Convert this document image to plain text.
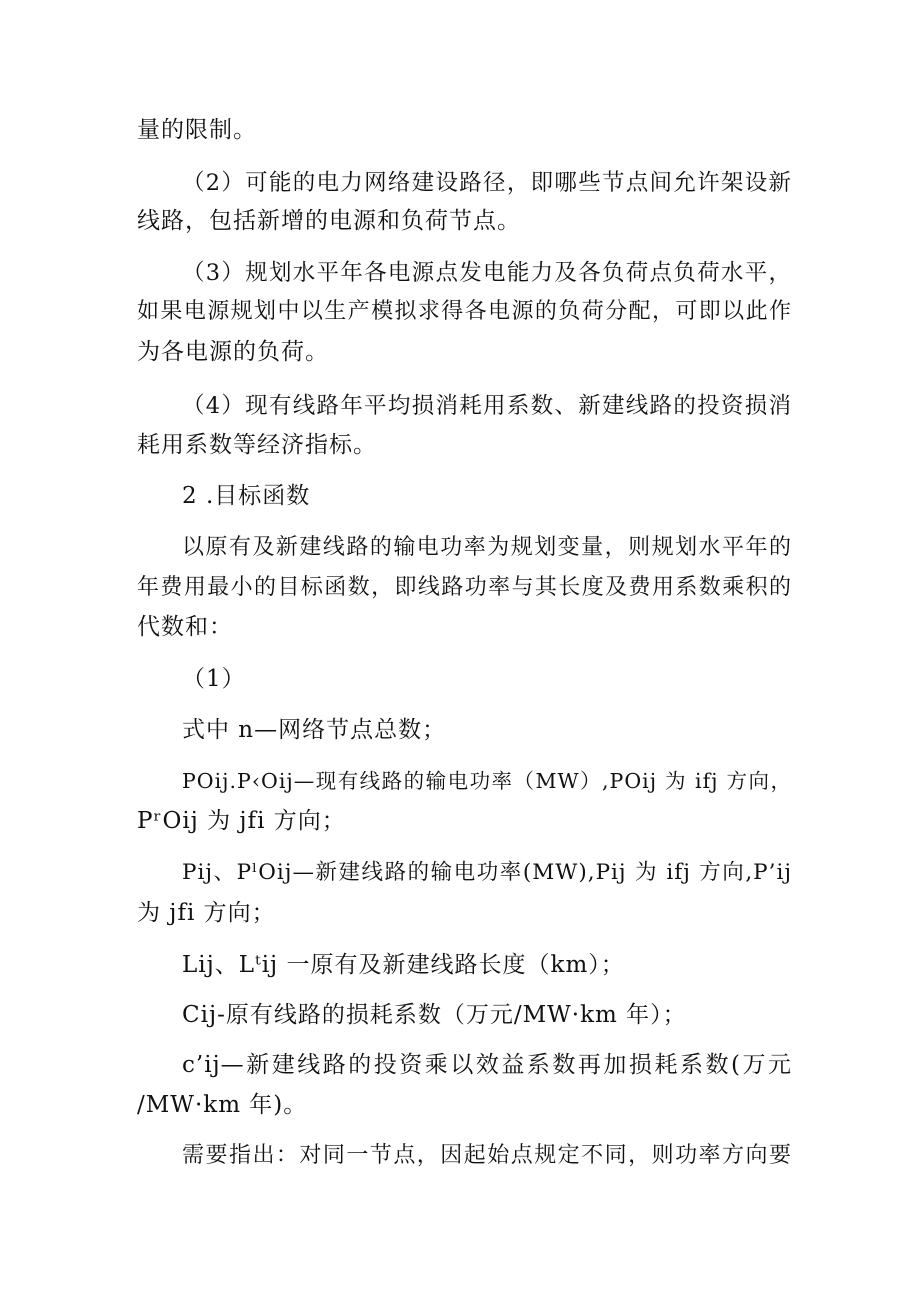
量的限制。
（2）可能的电力网络建设路径，即哪些节点间允许架设新
线路，包括新增的电源和负荷节点。
（3）规划水平年各电源点发电能力及各负荷点负荷水平，
如果电源规划中以生产模拟求得各电源的负荷分配，可即以此作
为各电源的负荷。
（4）现有线路年平均损消耗用系数、新建线路的投资损消
耗用系数等经济指标。
2 .目标函数
以原有及新建线路的输电功率为规划变量，则规划水平年的
年费用最小的目标函数，即线路功率与其长度及费用系数乘积的
代数和：
（1）
式中 n—网络节点总数；
POij.P‹Oij—现有线路的输电功率（MW）,POij 为 ifj 方向，
PʳOij 为 jfi 方向；
Pij、PˡOij—新建线路的输电功率(MW),Pij 为 ifj 方向,P’ij
为 jfi 方向；
Lij、Lᵗij 一原有及新建线路长度（km）；
Cij-原有线路的损耗系数（万元/MW·km 年）；
c’ij—新建线路的投资乘以效益系数再加损耗系数(万元
/MW·km 年)。
需要指出：对同一节点，因起始点规定不同，则功率方向要
